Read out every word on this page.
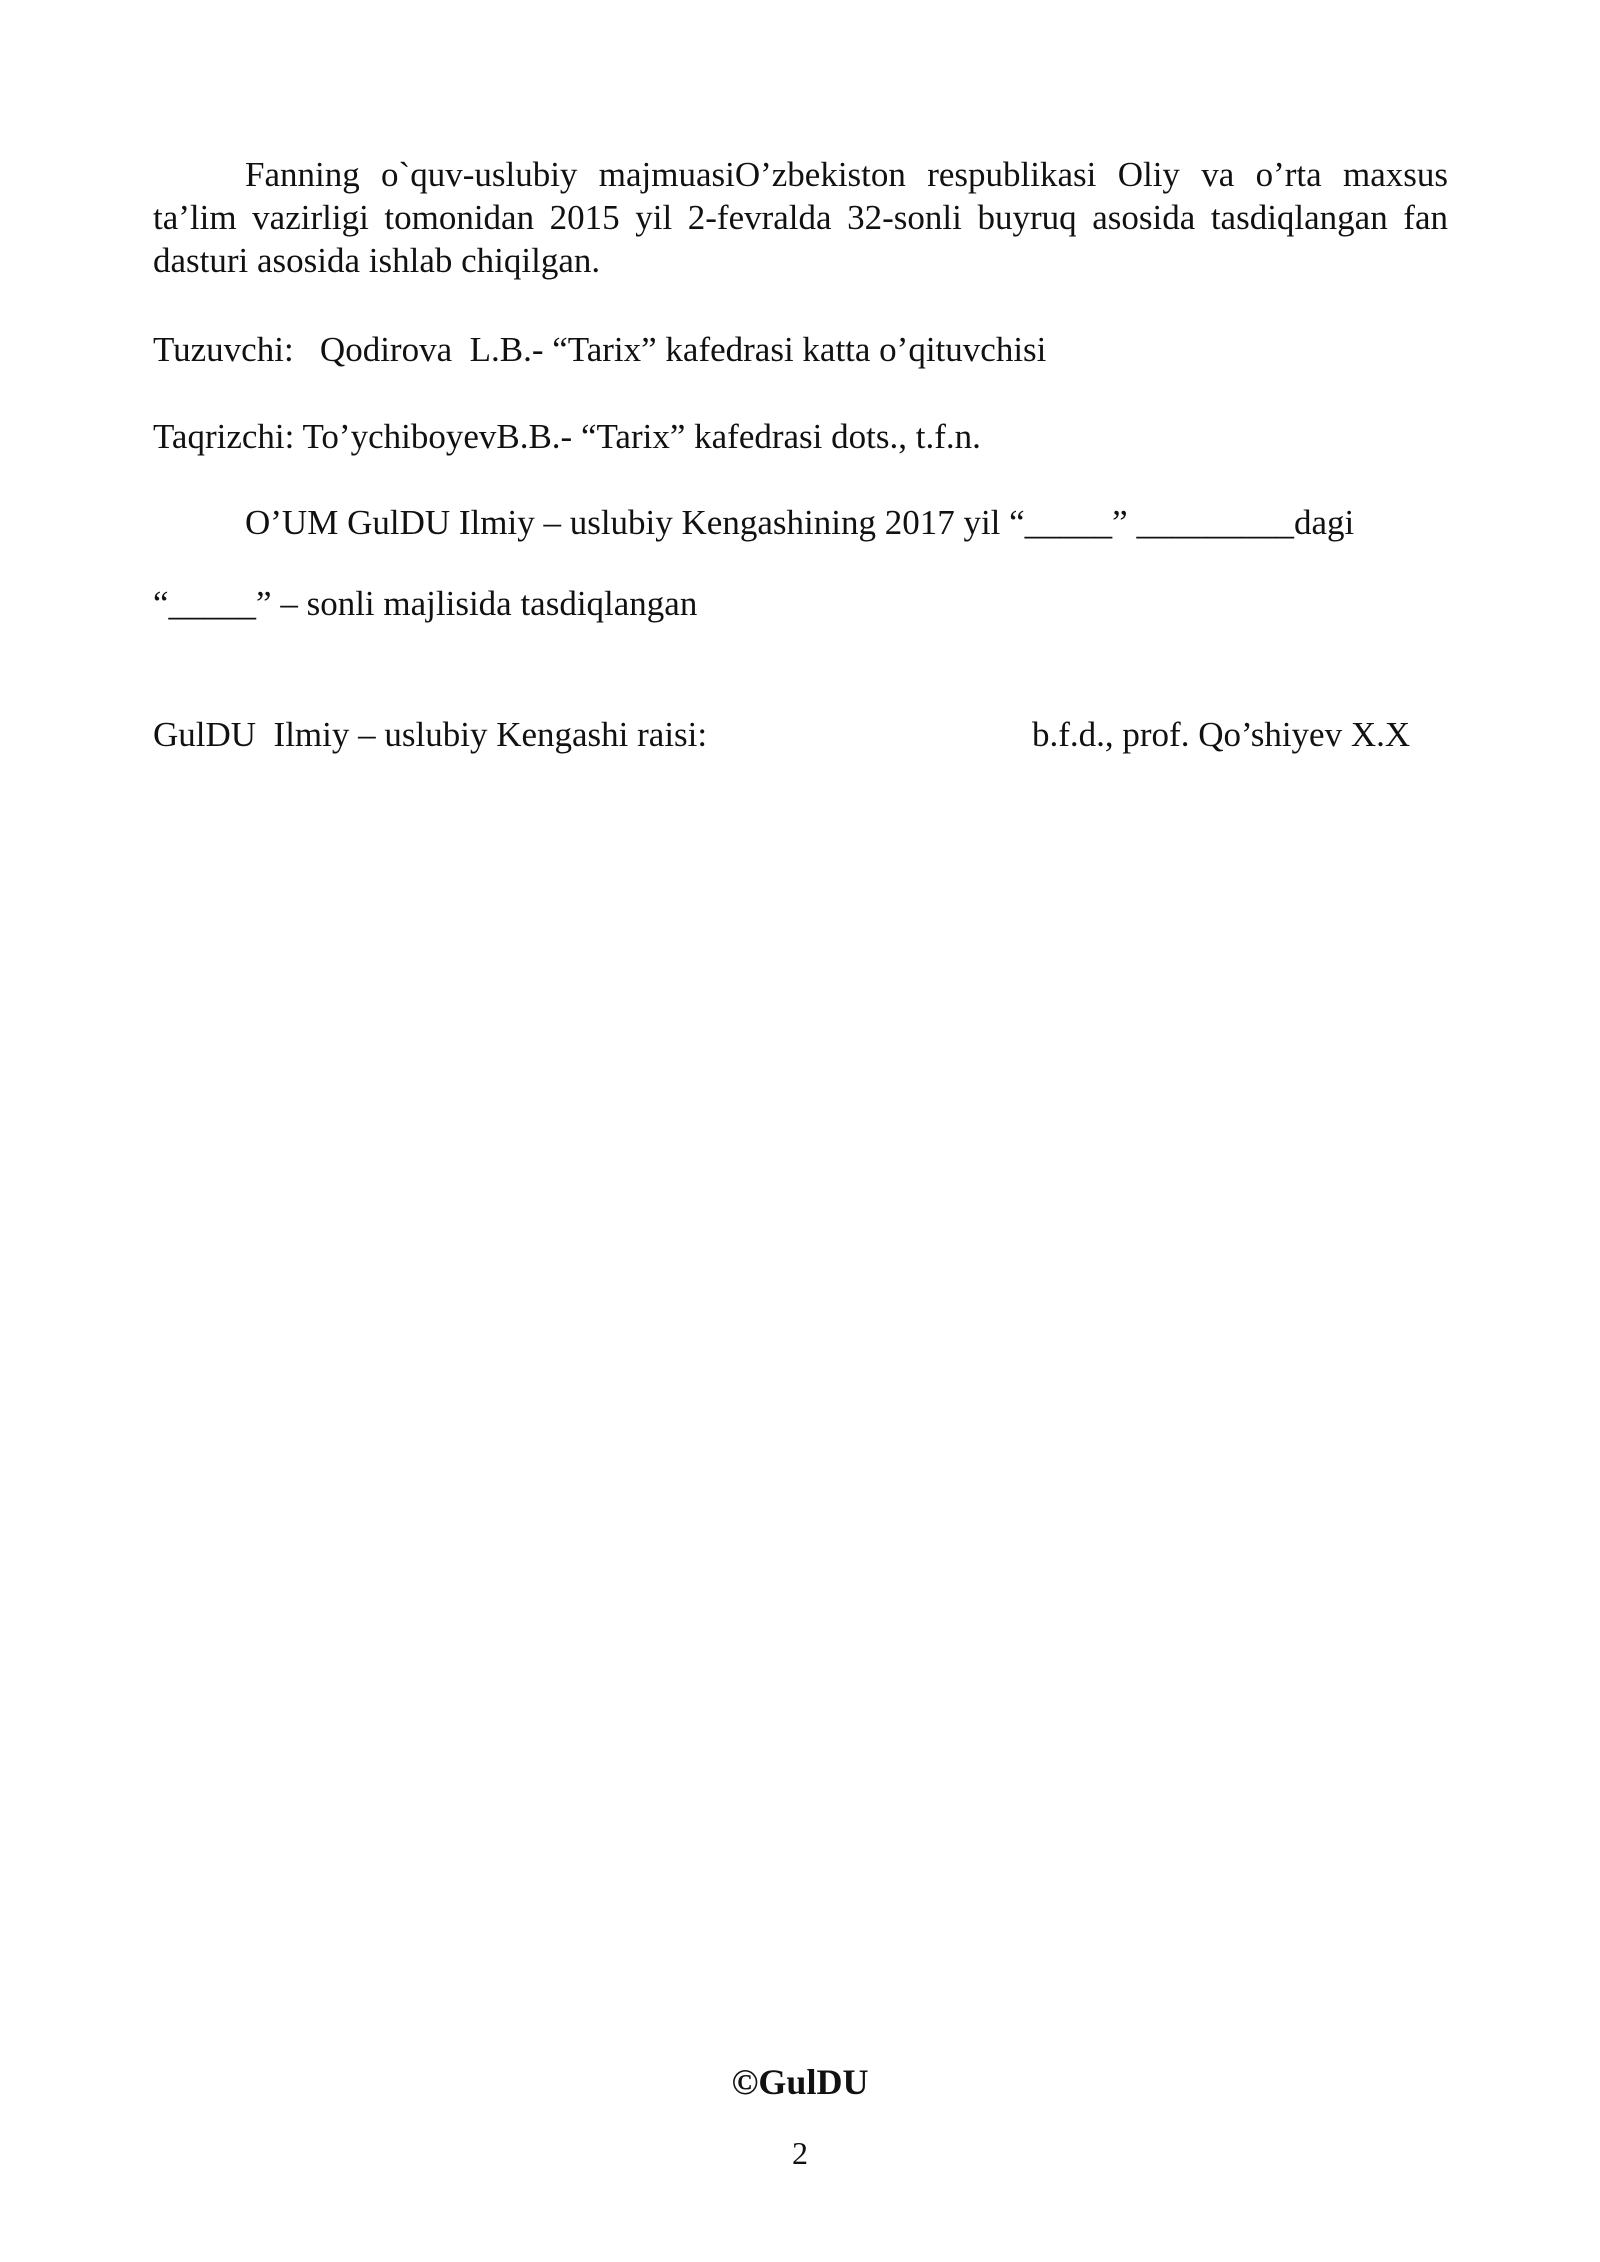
Fanning o`quv-uslubiy majmuasiO’zbekiston respublikasi Oliy va o’rta maxsus ta’lim vazirligi tomonidan 2015 yil 2-fevralda 32-sonli buyruq asosida tasdiqlangan fan dasturi asosida ishlab chiqilgan.
Tuzuvchi:   Qodirova  L.B.- “Tarix” kafedrasi katta o’qituvchisi
Taqrizchi: To’ychiboyevB.B.- “Tarix” kafedrasi dots., t.f.n.
O’UM GulDU Ilmiy – uslubiy Kengashining 2017 yil “_____” _________dagi
“_____” – sonli majlisida tasdiqlangan
GulDU  Ilmiy – uslubiy Kengashi raisi:	b.f.d., prof. Qo’shiyev X.X
©GulDU
2
